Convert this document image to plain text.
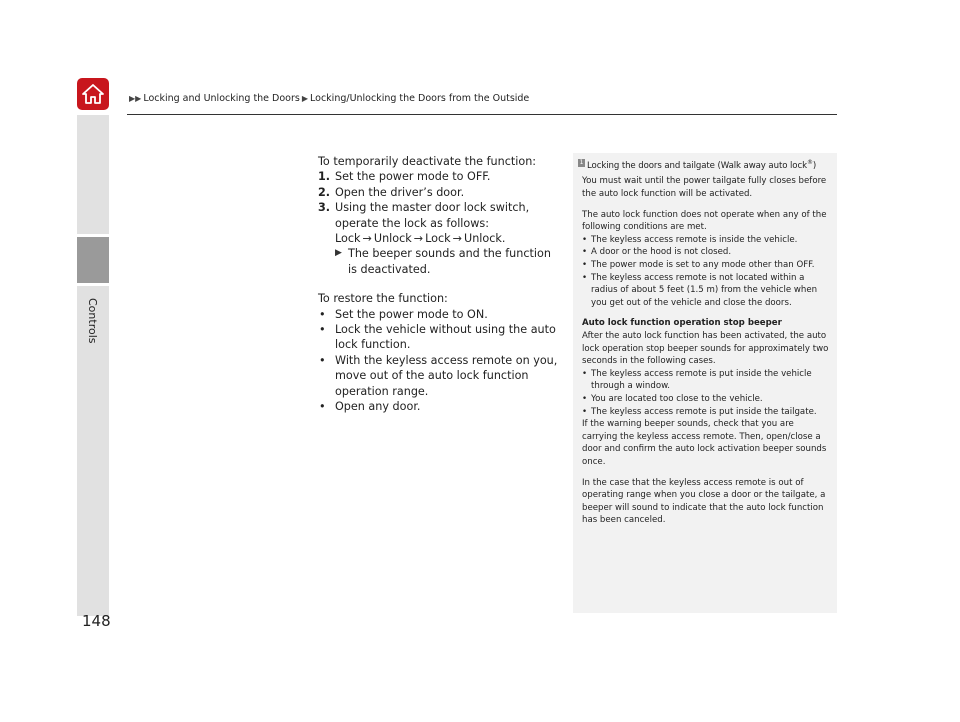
▶▶ Locking and Unlocking the Doors ▶ Locking/Unlocking the Doors from the Outside
Controls
148

To temporarily deactivate the function:

1. Set the power mode to OFF.
2. Open the driver’s door.
3. Using the master door lock switch, operate the lock as follows:
Lock → Unlock → Lock → Unlock.
▶ The beeper sounds and the function is deactivated.

To restore the function:

• Set the power mode to ON.
• Lock the vehicle without using the auto lock function.
• With the keyless access remote on you, move out of the auto lock function operation range.
• Open any door.
1 Locking the doors and tailgate (Walk away auto lock®)

You must wait until the power tailgate fully closes before the auto lock function will be activated.

The auto lock function does not operate when any of the following conditions are met.

• The keyless access remote is inside the vehicle.
• A door or the hood is not closed.
• The power mode is set to any mode other than OFF.
• The keyless access remote is not located within a radius of about 5 feet (1.5 m) from the vehicle when you get out of the vehicle and close the doors.

Auto lock function operation stop beeper

After the auto lock function has been activated, the auto lock operation stop beeper sounds for approximately two seconds in the following cases.

• The keyless access remote is put inside the vehicle through a window.
• You are located too close to the vehicle.
• The keyless access remote is put inside the tailgate.

If the warning beeper sounds, check that you are carrying the keyless access remote. Then, open/close a door and confirm the auto lock activation beeper sounds once.

In the case that the keyless access remote is out of operating range when you close a door or the tailgate, a beeper will sound to indicate that the auto lock function has been canceled.
